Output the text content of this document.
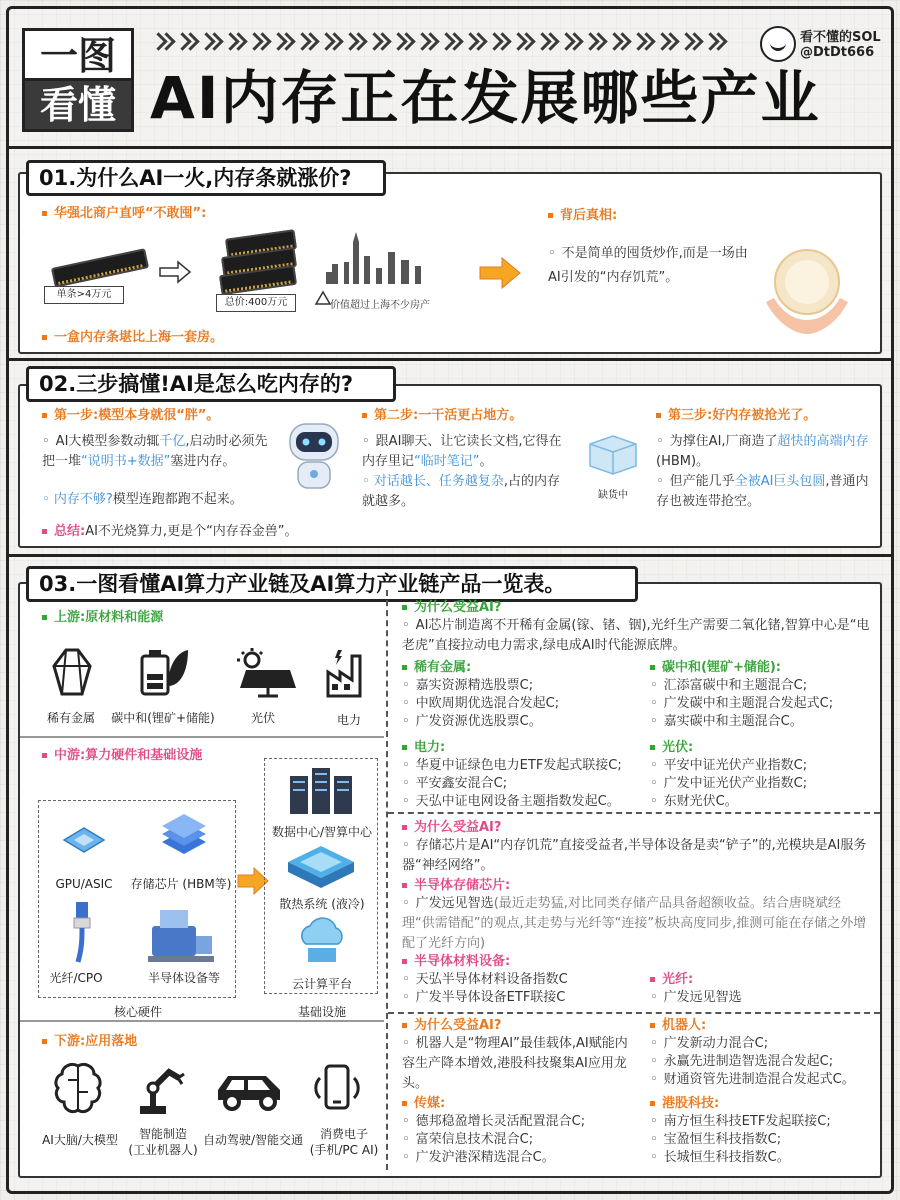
一图
看懂 AI内存正在发展哪些产业
看不懂的SOL
@DtDt666
01.为什么AI一火,内存条就涨价?
华强北商户直呼“不敢囤”:
单条>4万元
总价:400万元	价值超过上海不少房产
一盒内存条堪比上海一套房。
背后真相:
◦ 不是简单的囤货炒作,而是一场由AI引发的“内存饥荒”。
02.三步搞懂!AI是怎么吃内存的?
第一步:模型本身就很“胖”。
◦ AI大模型参数动辄千亿,启动时必须先把一堆“说明书+数据”塞进内存。
◦ 内存不够?模型连跑都跑不起来。
第二步:一干活更占地方。
◦ 跟AI聊天、让它读长文档,它得在内存里记“临时笔记”。
◦ 对话越长、任务越复杂,占的内存就越多。	缺货中
第三步:好内存被抢光了。
◦ 为撑住AI,厂商造了超快的高端内存(HBM)。
◦ 但产能几乎全被AI巨头包圆,普通内存也被连带抢空。
总结:AI不光烧算力,更是个“内存吞金兽”。
03.一图看懂AI算力产业链及AI算力产业链产品一览表。
上游:原材料和能源
稀有金属	碳中和(锂矿+储能)	光伏	电力
中游:算力硬件和基础设施
GPU/ASIC	存储芯片 (HBM等)
光纤/CPO	半导体设备等
核心硬件
数据中心/智算中心
散热系统 (液冷)
云计算平台
基础设施
下游:应用落地
AI大脑/大模型	智能制造
(工业机器人)
自动驾驶/智能交通	消费电子
(手机/PC AI)
为什么受益AI?
◦ AI芯片制造离不开稀有金属(镓、锗、铟),光纤生产需要二氧化锗,智算中心是“电老虎”直接拉动电力需求,绿电成AI时代能源底牌。
稀有金属:
◦ 嘉实资源精选股票C;
◦ 中欧周期优选混合发起C;
◦ 广发资源优选股票C。
碳中和(锂矿+储能):
◦ 汇添富碳中和主题混合C;
◦ 广发碳中和主题混合发起式C;
◦ 嘉实碳中和主题混合C。
电力:
◦ 华夏中证绿色电力ETF发起式联接C;
◦ 平安鑫安混合C;
◦ 天弘中证电网设备主题指数发起C。
光伏:
◦ 平安中证光伏产业指数C;
◦ 广发中证光伏产业指数C;
◦ 东财光伏C。
为什么受益AI?
◦ 存储芯片是AI“内存饥荒”直接受益者,半导体设备是卖“铲子”的,光模块是AI服务器“神经网络”。
半导体存储芯片:
◦ 广发远见智选(最近走势猛,对比同类存储产品具备超额收益。结合唐晓斌经理“供需错配”的观点,其走势与光纤等“连接”板块高度同步,推测可能在存储之外增配了光纤方向)
半导体材料设备:
◦ 天弘半导体材料设备指数C
◦ 广发半导体设备ETF联接C
光纤:
◦ 广发远见智选
为什么受益AI?
◦ 机器人是“物理AI”最佳载体,AI赋能内容生产降本增效,港股科技聚集AI应用龙头。
机器人:
◦ 广发新动力混合C;
◦ 永赢先进制造智选混合发起C;
◦ 财通资管先进制造混合发起式C。
传媒:
◦ 德邦稳盈增长灵活配置混合C;
◦ 富荣信息技术混合C;
◦ 广发沪港深精选混合C。
港股科技:
◦ 南方恒生科技ETF发起联接C;
◦ 宝盈恒生科技指数C;
◦ 长城恒生科技指数C。
